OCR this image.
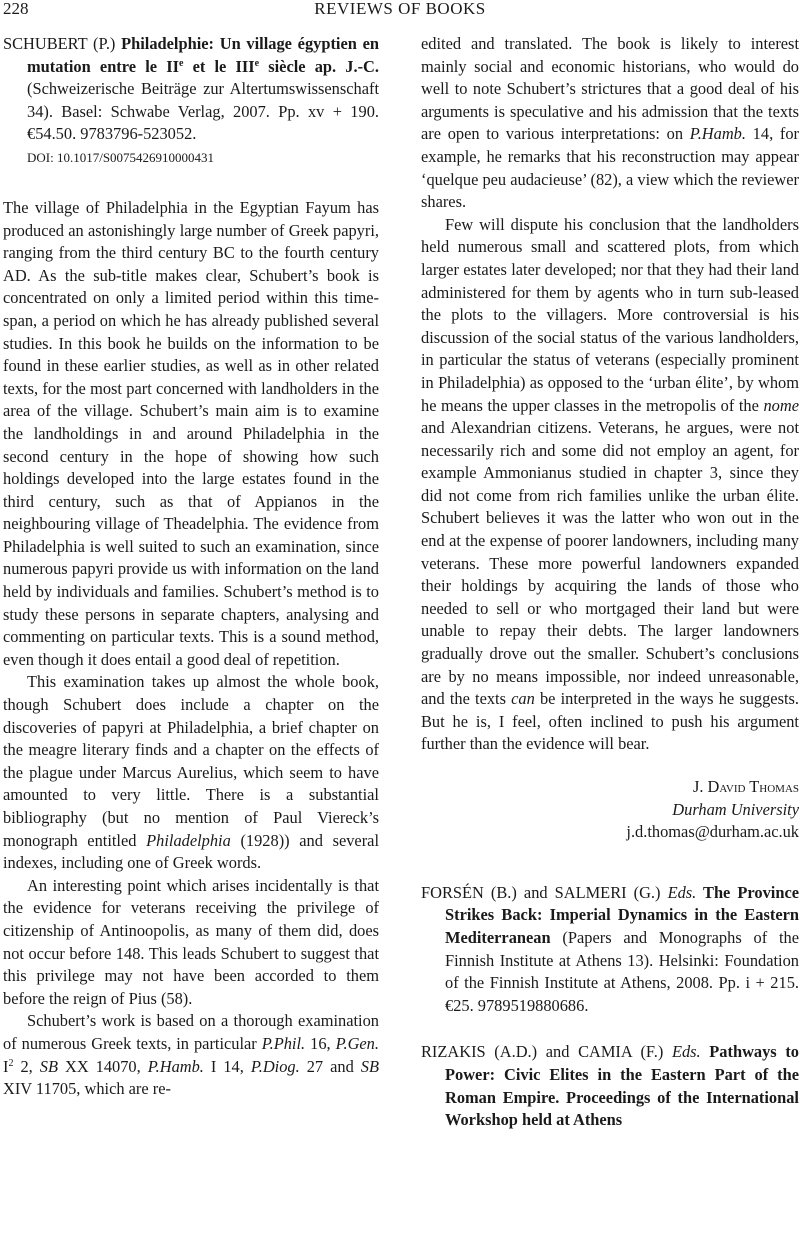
228	REVIEWS OF BOOKS

SCHUBERT (P.) Philadelphie: Un village égyptien en mutation entre le IIe et le IIIe siècle ap. J.-C. (Schweizerische Beiträge zur Altertumswissenschaft 34). Basel: Schwabe Verlag, 2007. Pp. xv + 190. €54.50. 9783796-523052.

DOI: 10.1017/S0075426910000431

The village of Philadelphia in the Egyptian Fayum has produced an astonishingly large number of Greek papyri, ranging from the third century BC to the fourth century AD. As the sub-title makes clear, Schubert’s book is concentrated on only a limited period within this time-span, a period on which he has already published several studies. In this book he builds on the information to be found in these earlier studies, as well as in other related texts, for the most part concerned with landholders in the area of the village. Schubert’s main aim is to examine the landholdings in and around Philadelphia in the second century in the hope of showing how such holdings developed into the large estates found in the third century, such as that of Appianos in the neighbouring village of Theadelphia. The evidence from Philadelphia is well suited to such an examination, since numerous papyri provide us with information on the land held by individuals and families. Schubert’s method is to study these persons in separate chapters, analysing and commenting on particular texts. This is a sound method, even though it does entail a good deal of repetition.

This examination takes up almost the whole book, though Schubert does include a chapter on the discoveries of papyri at Philadelphia, a brief chapter on the meagre literary finds and a chapter on the effects of the plague under Marcus Aurelius, which seem to have amounted to very little. There is a substantial bibliography (but no mention of Paul Viereck’s monograph entitled Philadelphia (1928)) and several indexes, including one of Greek words.

An interesting point which arises incidentally is that the evidence for veterans receiving the privilege of citizenship of Antinoopolis, as many of them did, does not occur before 148. This leads Schubert to suggest that this privilege may not have been accorded to them before the reign of Pius (58).

Schubert’s work is based on a thorough examination of numerous Greek texts, in particular P.Phil. 16, P.Gen. $I^2$ 2, SB XX 14070, P.Hamb. I 14, P.Diog. 27 and SB XIV 11705, which are re-

edited and translated. The book is likely to interest mainly social and economic historians, who would do well to note Schubert’s strictures that a good deal of his arguments is speculative and his admission that the texts are open to various interpretations: on P.Hamb. 14, for example, he remarks that his reconstruction may appear ‘quelque peu audacieuse’ (82), a view which the reviewer shares.

Few will dispute his conclusion that the landholders held numerous small and scattered plots, from which larger estates later developed; nor that they had their land administered for them by agents who in turn sub-leased the plots to the villagers. More controversial is his discussion of the social status of the various landholders, in particular the status of veterans (especially prominent in Philadelphia) as opposed to the ‘urban élite’, by whom he means the upper classes in the metropolis of the nome and Alexandrian citizens. Veterans, he argues, were not necessarily rich and some did not employ an agent, for example Ammonianus studied in chapter 3, since they did not come from rich families unlike the urban élite. Schubert believes it was the latter who won out in the end at the expense of poorer landowners, including many veterans. These more powerful landowners expanded their holdings by acquiring the lands of those who needed to sell or who mortgaged their land but were unable to repay their debts. The larger landowners gradually drove out the smaller. Schubert’s conclusions are by no means impossible, nor indeed unreasonable, and the texts can be interpreted in the ways he suggests. But he is, I feel, often inclined to push his argument further than the evidence will bear.

J. David Thomas
Durham University
j.d.thomas@durham.ac.uk

FORSÉN (B.) and SALMERI (G.) Eds. The Province Strikes Back: Imperial Dynamics in the Eastern Mediterranean (Papers and Monographs of the Finnish Institute at Athens 13). Helsinki: Foundation of the Finnish Institute at Athens, 2008. Pp. i + 215. €25. 9789519880686.

RIZAKIS (A.D.) and CAMIA (F.) Eds. Pathways to Power: Civic Elites in the Eastern Part of the Roman Empire. Proceedings of the International Workshop held at Athens
